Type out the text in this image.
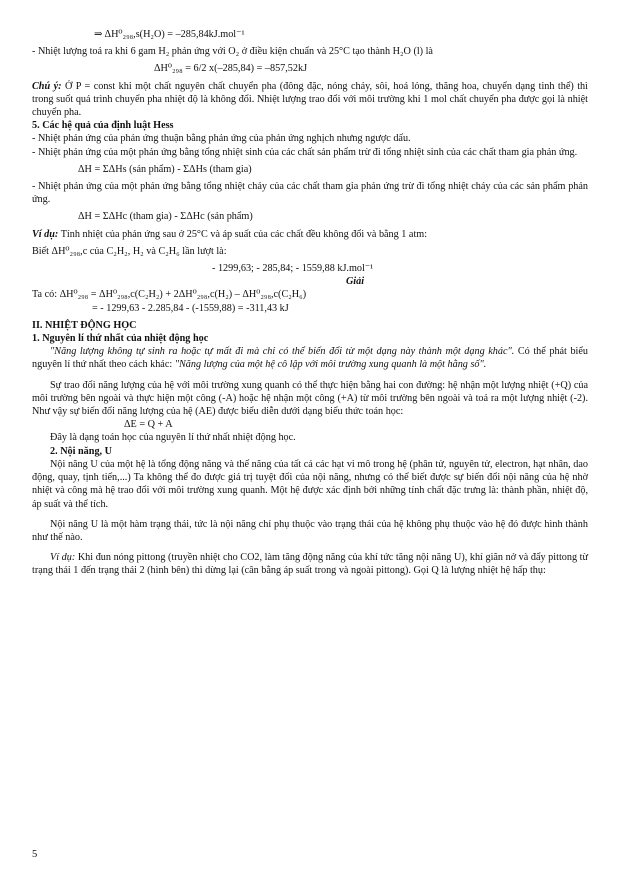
⇒ ΔH⁰₂₉₈,s(H₂O) = –285,84kJ.mol⁻¹

- Nhiệt lượng toả ra khi 6 gam H₂ phản ứng với O₂ ở điều kiện chuẩn và 25°C tạo thành H₂O (l) là

ΔH⁰₂₉₈ = 6/2 x(–285,84) = –857,52kJ

Chú ý: Ở P = const khi một chất nguyên chất chuyển pha (đông đặc, nóng chảy, sôi, hoá lỏng, thăng hoa, chuyển dạng tinh thể) thì trong suốt quá trình chuyển pha nhiệt độ là không đổi. Nhiệt lượng trao đổi với môi trường khi 1 mol chất chuyển pha được gọi là nhiệt chuyển pha.

5. Các hệ quả của định luật Hess

- Nhiệt phản ứng của phản ứng thuận bằng phản ứng của phản ứng nghịch nhưng ngược dấu.

- Nhiệt phản ứng của một phản ứng bằng tổng nhiệt sinh của các chất sản phẩm trừ đi tổng nhiệt sinh của các chất tham gia phản ứng.

ΔH = ΣΔHs (sản phẩm) - ΣΔHs (tham gia)

- Nhiệt phản ứng của một phản ứng bằng tổng nhiệt cháy của các chất tham gia phản ứng trừ đi tổng nhiệt cháy của các sản phẩm phản ứng.

ΔH = ΣΔHc (tham gia) - ΣΔHc (sản phẩm)

Ví dụ: Tính nhiệt của phản ứng sau ở 25°C và áp suất của các chất đều không đổi và bằng 1 atm:

Biết ΔH⁰₂₉₈,c của C₂H₂, H₂ và C₂H₆ lần lượt là:

- 1299,63; - 285,84; - 1559,88 kJ.mol⁻¹

Giải

Ta có: ΔH⁰₂₉₈ = ΔH⁰₂₉₈,c(C₂H₂) + 2ΔH⁰₂₉₈,c(H₂) – ΔH⁰₂₉₈,c(C₂H₆)

= - 1299,63 - 2.285,84 - (-1559,88) = -311,43 kJ

II. NHIỆT ĐỘNG HỌC

1. Nguyên lí thứ nhất của nhiệt động học

"Năng lượng không tự sinh ra hoặc tự mất đi mà chỉ có thể biến đổi từ một dạng này thành một dạng khác". Có thể phát biểu nguyên lí thứ nhất theo cách khác: "Năng lượng của một hệ cô lập với môi trường xung quanh là một hằng số".

Sự trao đổi năng lượng của hệ với môi trường xung quanh có thể thực hiện bằng hai con đường: hệ nhận một lượng nhiệt (+Q) của môi trường bên ngoài và thực hiện một công (-A) hoặc hệ nhận một công (+A) từ môi trường bên ngoài và toả ra một lượng nhiệt (-2). Như vậy sự biến đổi năng lượng của hệ (AE) được biểu diễn dưới dạng biểu thức toán học:

ΔE = Q + A

Đây là dạng toán học của nguyên lí thứ nhất nhiệt động học.

2. Nội năng, U

Nội năng U của một hệ là tổng động năng và thế năng của tất cả các hạt vi mô trong hệ (phân tử, nguyên tử, electron, hạt nhân, dao động, quay, tịnh tiến,...) Ta không thể đo được giá trị tuyệt đối của nội năng, nhưng có thể biết được sự biến đổi nội năng của hệ nhờ nhiệt và công mà hệ trao đổi với môi trường xung quanh. Một hệ được xác định bởi những tính chất đặc trưng là: thành phần, nhiệt độ, áp suất và thể tích.

Nội năng U là một hàm trạng thái, tức là nội năng chỉ phụ thuộc vào trạng thái của hệ không phụ thuộc vào hệ đó được hình thành như thế nào.

Ví dụ: Khi đun nóng pittong (truyền nhiệt cho CO2, làm tăng động năng của khí tức tăng nội năng U), khí giãn nở và đẩy pittong từ trạng thái 1 đến trạng thái 2 (hình bên) thì dừng lại (cân bằng áp suất trong và ngoài pittong). Gọi Q là lượng nhiệt hệ hấp thụ:

5
